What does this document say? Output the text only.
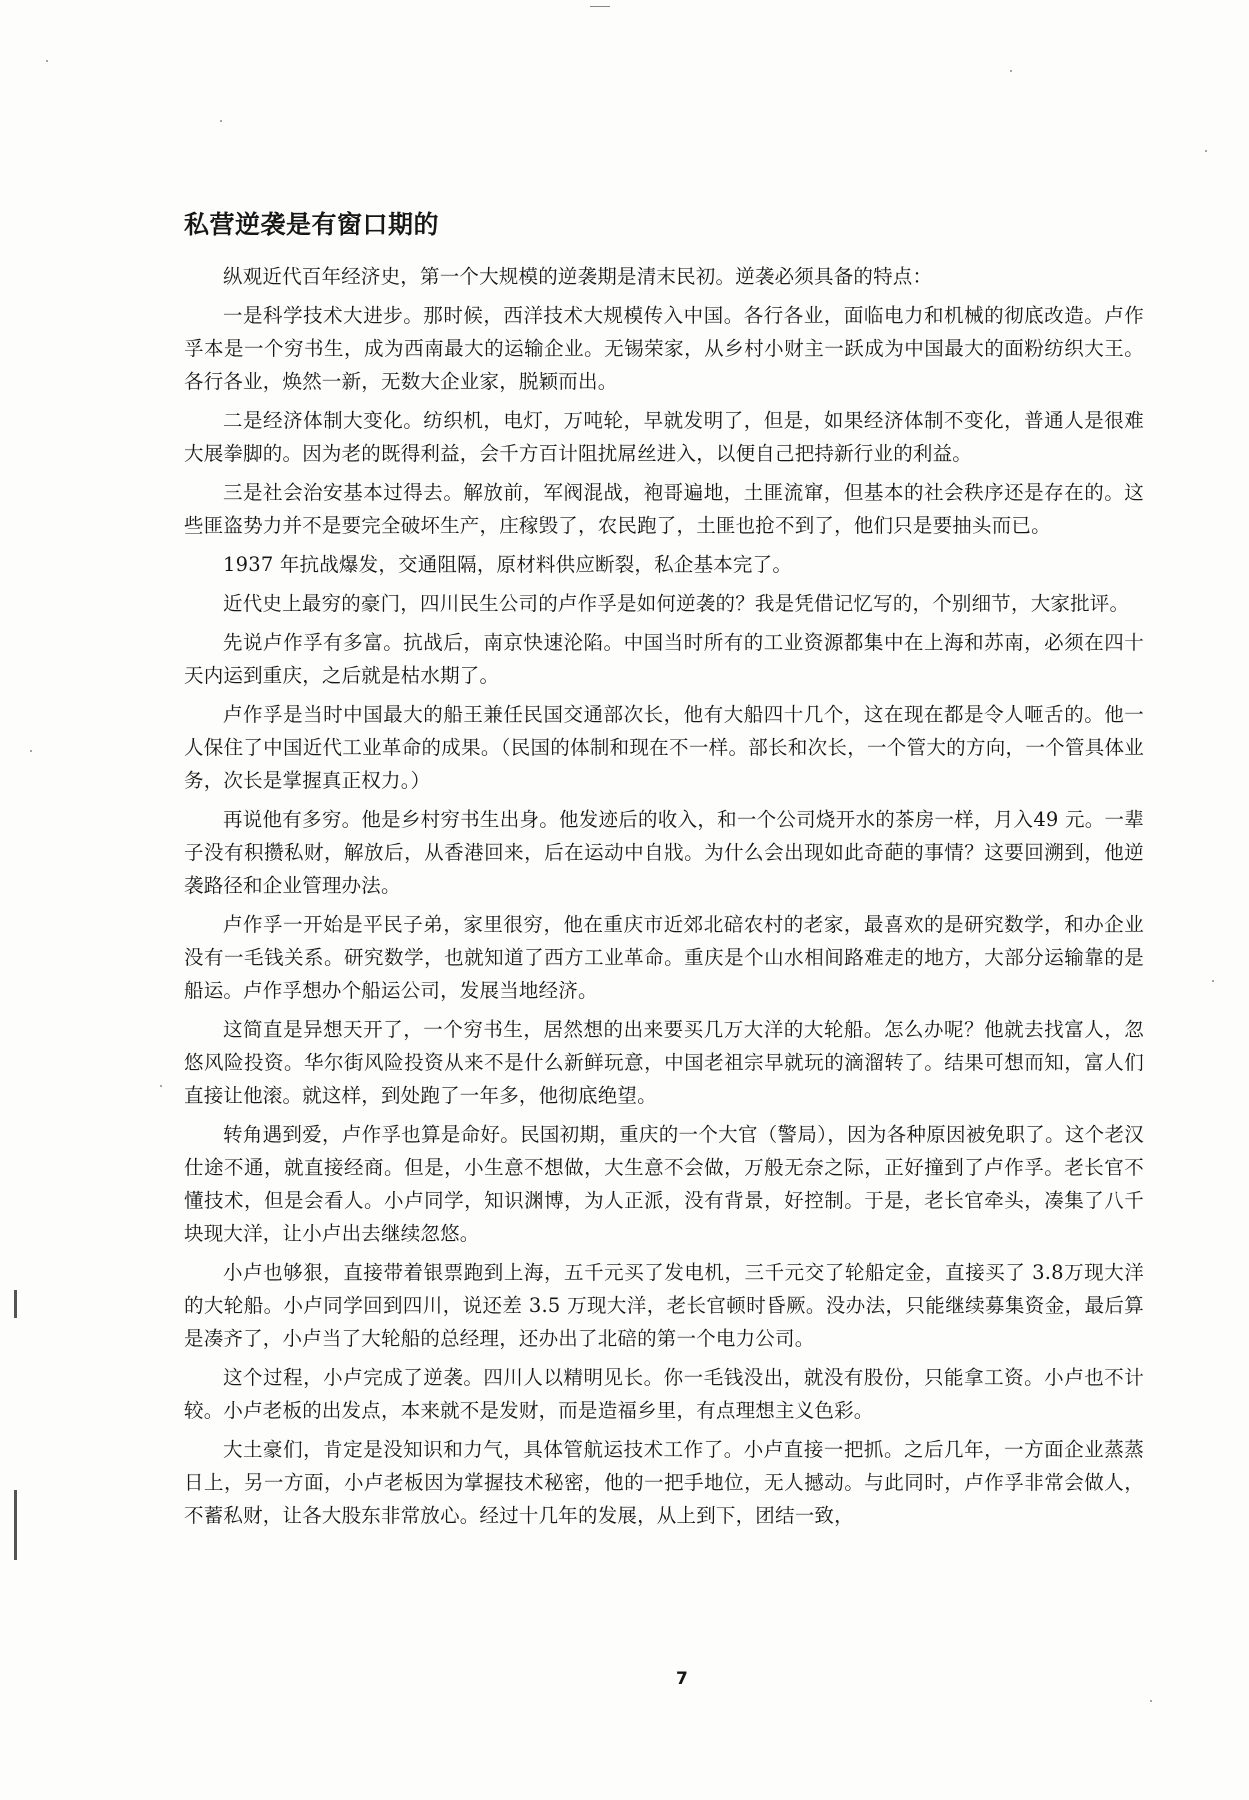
私营逆袭是有窗口期的

纵观近代百年经济史，第一个大规模的逆袭期是清末民初。逆袭必须具备的特点：

一是科学技术大进步。那时候，西洋技术大规模传入中国。各行各业，面临电力和机械的彻底改造。卢作孚本是一个穷书生，成为西南最大的运输企业。无锡荣家，从乡村小财主一跃成为中国最大的面粉纺织大王。各行各业，焕然一新，无数大企业家，脱颖而出。

二是经济体制大变化。纺织机，电灯，万吨轮，早就发明了，但是，如果经济体制不变化，普通人是很难大展拳脚的。因为老的既得利益，会千方百计阻扰屌丝进入，以便自己把持新行业的利益。

三是社会治安基本过得去。解放前，军阀混战，袍哥遍地，土匪流窜，但基本的社会秩序还是存在的。这些匪盗势力并不是要完全破坏生产，庄稼毁了，农民跑了，土匪也抢不到了，他们只是要抽头而已。

1937 年抗战爆发，交通阻隔，原材料供应断裂，私企基本完了。

近代史上最穷的豪门，四川民生公司的卢作孚是如何逆袭的？我是凭借记忆写的，个别细节，大家批评。

先说卢作孚有多富。抗战后，南京快速沦陷。中国当时所有的工业资源都集中在上海和苏南，必须在四十天内运到重庆，之后就是枯水期了。

卢作孚是当时中国最大的船王兼任民国交通部次长，他有大船四十几个，这在现在都是令人咂舌的。他一人保住了中国近代工业革命的成果。（民国的体制和现在不一样。部长和次长，一个管大的方向，一个管具体业务，次长是掌握真正权力。）

再说他有多穷。他是乡村穷书生出身。他发迹后的收入，和一个公司烧开水的茶房一样，月入49 元。一辈子没有积攒私财，解放后，从香港回来，后在运动中自戕。为什么会出现如此奇葩的事情？这要回溯到，他逆袭路径和企业管理办法。

卢作孚一开始是平民子弟，家里很穷，他在重庆市近郊北碚农村的老家，最喜欢的是研究数学，和办企业没有一毛钱关系。研究数学，也就知道了西方工业革命。重庆是个山水相间路难走的地方，大部分运输靠的是船运。卢作孚想办个船运公司，发展当地经济。

这简直是异想天开了，一个穷书生，居然想的出来要买几万大洋的大轮船。怎么办呢？他就去找富人，忽悠风险投资。华尔街风险投资从来不是什么新鲜玩意，中国老祖宗早就玩的滴溜转了。结果可想而知，富人们直接让他滚。就这样，到处跑了一年多，他彻底绝望。

转角遇到爱，卢作孚也算是命好。民国初期，重庆的一个大官（警局），因为各种原因被免职了。这个老汉仕途不通，就直接经商。但是，小生意不想做，大生意不会做，万般无奈之际，正好撞到了卢作孚。老长官不懂技术，但是会看人。小卢同学，知识渊博，为人正派，没有背景，好控制。于是，老长官牵头，凑集了八千块现大洋，让小卢出去继续忽悠。

小卢也够狠，直接带着银票跑到上海，五千元买了发电机，三千元交了轮船定金，直接买了 3.8万现大洋的大轮船。小卢同学回到四川，说还差 3.5 万现大洋，老长官顿时昏厥。没办法，只能继续募集资金，最后算是凑齐了，小卢当了大轮船的总经理，还办出了北碚的第一个电力公司。

这个过程，小卢完成了逆袭。四川人以精明见长。你一毛钱没出，就没有股份，只能拿工资。小卢也不计较。小卢老板的出发点，本来就不是发财，而是造福乡里，有点理想主义色彩。

大土豪们，肯定是没知识和力气，具体管航运技术工作了。小卢直接一把抓。之后几年，一方面企业蒸蒸日上，另一方面，小卢老板因为掌握技术秘密，他的一把手地位，无人撼动。与此同时，卢作孚非常会做人，不蓄私财，让各大股东非常放心。经过十几年的发展，从上到下，团结一致，

7
